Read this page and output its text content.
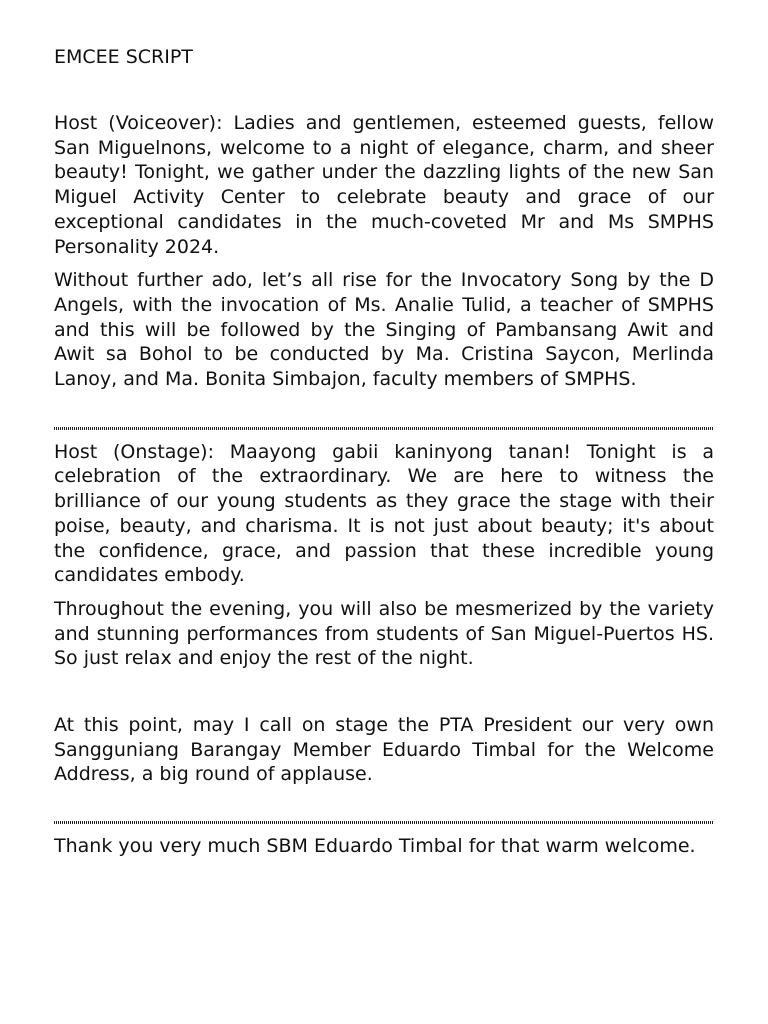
EMCEE SCRIPT

Host (Voiceover): Ladies and gentlemen, esteemed guests, fellow San Miguelnons, welcome to a night of elegance, charm, and sheer beauty! Tonight, we gather under the dazzling lights of the new San Miguel Activity Center to celebrate beauty and grace of our exceptional candidates in the much-coveted Mr and Ms SMPHS Personality 2024.

Without further ado, let’s all rise for the Invocatory Song by the D Angels, with the invocation of Ms. Analie Tulid, a teacher of SMPHS and this will be followed by the Singing of Pambansang Awit and Awit sa Bohol to be conducted by Ma. Cristina Saycon, Merlinda Lanoy, and Ma. Bonita Simbajon, faculty members of SMPHS.

Host (Onstage): Maayong gabii kaninyong tanan! Tonight is a celebration of the extraordinary. We are here to witness the brilliance of our young students as they grace the stage with their poise, beauty, and charisma. It is not just about beauty; it's about the confidence, grace, and passion that these incredible young candidates embody.

Throughout the evening, you will also be mesmerized by the variety and stunning performances from students of San Miguel-Puertos HS. So just relax and enjoy the rest of the night.

At this point, may I call on stage the PTA President our very own Sangguniang Barangay Member Eduardo Timbal for the Welcome Address, a big round of applause.

Thank you very much SBM Eduardo Timbal for that warm welcome.
